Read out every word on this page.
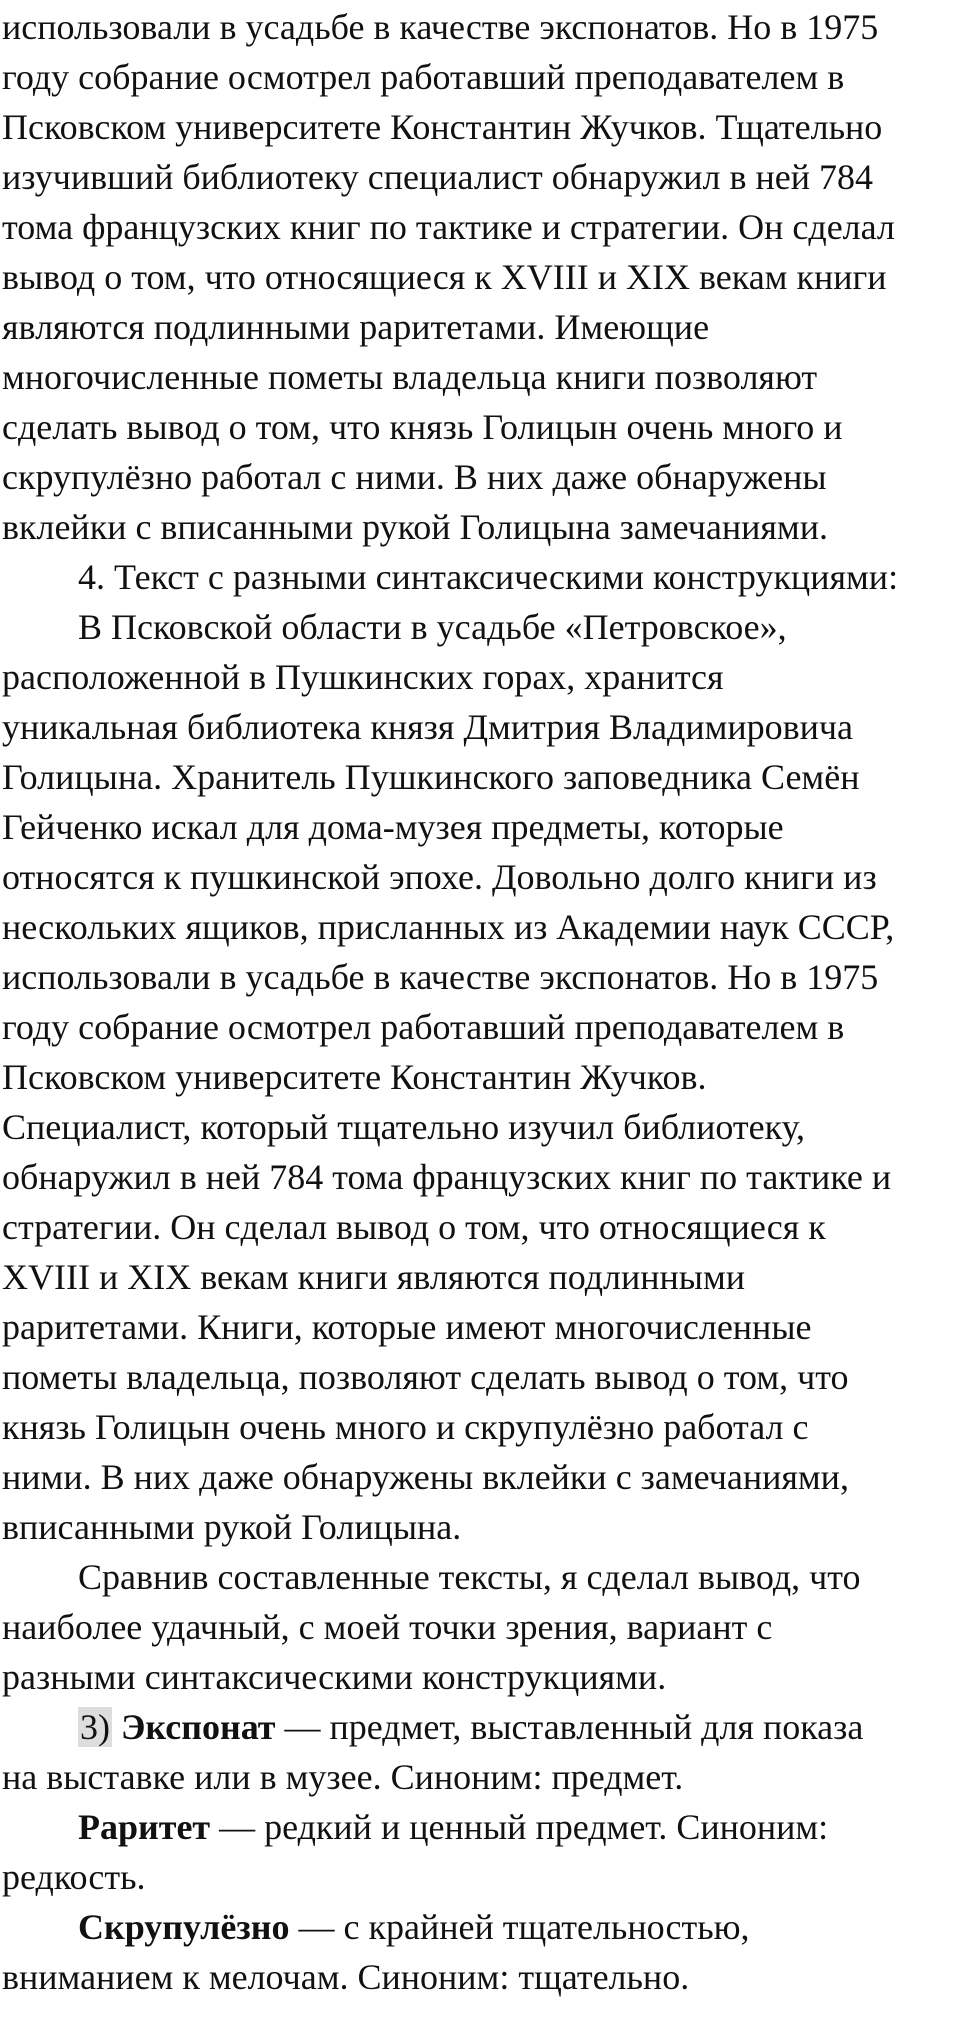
использовали в усадьбе в качестве экспонатов. Но в 1975
году собрание осмотрел работавший преподавателем в
Псковском университете Константин Жучков. Тщательно
изучивший библиотеку специалист обнаружил в ней 784
тома французских книг по тактике и стратегии. Он сделал
вывод о том, что относящиеся к XVIII и XIX векам книги
являются подлинными раритетами. Имеющие
многочисленные пометы владельца книги позволяют
сделать вывод о том, что князь Голицын очень много и
скрупулёзно работал с ними. В них даже обнаружены
вклейки с вписанными рукой Голицына замечаниями.
4. Текст с разными синтаксическими конструкциями:
В Псковской области в усадьбе «Петровское»,
расположенной в Пушкинских горах, хранится
уникальная библиотека князя Дмитрия Владимировича
Голицына. Хранитель Пушкинского заповедника Семён
Гейченко искал для дома-музея предметы, которые
относятся к пушкинской эпохе. Довольно долго книги из
нескольких ящиков, присланных из Академии наук СССР,
использовали в усадьбе в качестве экспонатов. Но в 1975
году собрание осмотрел работавший преподавателем в
Псковском университете Константин Жучков.
Специалист, который тщательно изучил библиотеку,
обнаружил в ней 784 тома французских книг по тактике и
стратегии. Он сделал вывод о том, что относящиеся к
XVIII и XIX векам книги являются подлинными
раритетами. Книги, которые имеют многочисленные
пометы владельца, позволяют сделать вывод о том, что
князь Голицын очень много и скрупулёзно работал с
ними. В них даже обнаружены вклейки с замечаниями,
вписанными рукой Голицына.
Сравнив составленные тексты, я сделал вывод, что
наиболее удачный, с моей точки зрения, вариант с
разными синтаксическими конструкциями.
3) Экспонат — предмет, выставленный для показа
на выставке или в музее. Синоним: предмет.
Раритет — редкий и ценный предмет. Синоним:
редкость.
Скрупулёзно — с крайней тщательностью,
вниманием к мелочам. Синоним: тщательно.
